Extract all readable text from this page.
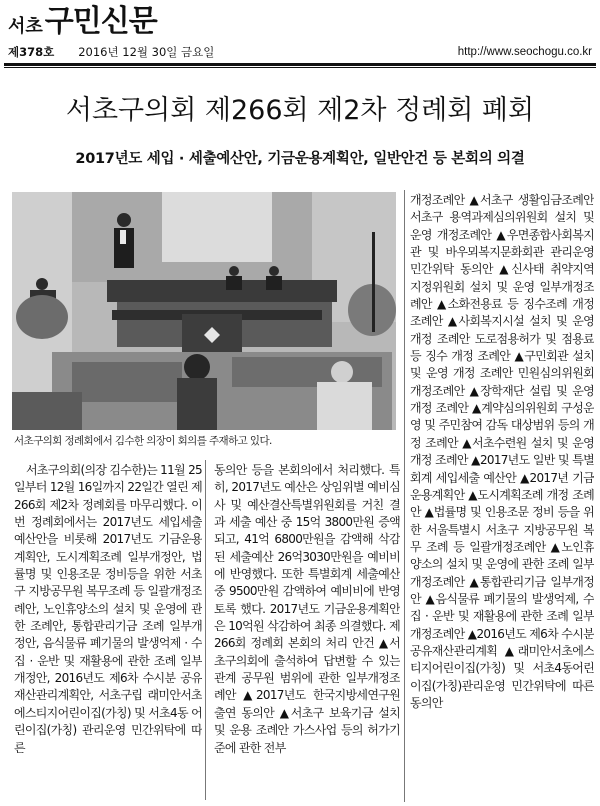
서초 구민신문
제378호 2016년 12월 30일 금요일	http://www.seochogu.co.kr
서초구의회 제266회 제2차 정례회 폐회
2017년도 세입 · 세출예산안, 기금운용계획안, 일반안건 등 본회의 의결
서초구의회 정례회에서 김수한 의장이 회의를 주재하고 있다.
서초구의회(의장 김수한)는 11월 25일부터 12월 16일까지 22일간 열린 제266회 제2차 정례회를 마무리했다. 이번 정례회에서는 2017년도 세입세출 예산안을 비롯해 2017년도 기금운용계획안, 도시계획조례 일부개정안, 법률명 및 인용조문 정비등을 위한 서초구 지방공무원 복무조례 등 일괄개정조례안, 노인휴양소의 설치 및 운영에 관한 조례안, 통합관리기금 조례 일부개정안, 음식물류 폐기물의 발생억제 · 수집 · 운반 및 재활용에 관한 조례 일부개정안, 2016년도 제6차 수시분 공유재산관리계획안, 서초구립 래미안서초에스티지어린이집(가칭) 및 서초4동 어린이집(가칭) 관리운영 민간위탁에 따른
동의안 등을 본회의에서 처리했다. 특히, 2017년도 예산은 상임위별 예비심사 및 예산결산특별위원회를 거친 결과 세출 예산 중 15억 3800만원 증액되고, 41억 6800만원을 감액해 삭감된 세출예산 26억3030만원을 예비비에 반영했다. 또한 특별회계 세출예산 중 9500만원 감액하여 예비비에 반영토록 했다. 2017년도 기금운용계획안은 10억원 삭감하여 최종 의결했다. 제266회 정례회 본회의 처리 안건 ▲서초구의회에 출석하여 답변할 수 있는 관계 공무원 범위에 관한 일부개정조례안 ▲2017년도 한국지방세연구원 출연 동의안 ▲서초구 보육기금 설치 및 운용 조례안 가스사업 등의 허가기준에 관한 전부
개정조례안 ▲서초구 생활임금조례안 서초구 용역과제심의위원회 설치 및 운영 개정조례안 ▲우면종합사회복지관 및 바우뫼복지문화회관 관리운영 민간위탁 동의안 ▲신사태 취약지역 지정위원회 설치 및 운영 일부개정조례안 ▲소화전용료 등 징수조례 개정조례안 ▲사회복지시설 설치 및 운영 개정 조례안 도로점용허가 및 점용료 등 징수 개정 조례안 ▲구민회관 설치 및 운영 개정 조례안 민원심의위원회 개정조례안 ▲장학재단 설립 및 운영 개정 조례안 ▲계약심의위원회 구성운영 및 주민참여 감독 대상범위 등의 개정 조례안 ▲서초수련원 설치 및 운영 개정 조례안 ▲2017년도 일반 및 특별회계 세입세출 예산안 ▲2017년 기금운용계획안 ▲도시계획조례 개정 조례안 ▲법률명 및 인용조문 정비 등을 위한 서울특별시 서초구 지방공무원 복무 조례 등 일괄개정조례안 ▲노인휴양소의 설치 및 운영에 관한 조례 일부개정조례안 ▲통합관리기금 일부개정안 ▲음식물류 폐기물의 발생억제, 수집 · 운반 및 재활용에 관한 조례 일부개정조례안 ▲2016년도 제6차 수시분 공유재산관리계획 ▲래미안서초에스티지어린이집(가칭) 및 서초4동어린이집(가칭)관리운영 민간위탁에 따른 동의안
